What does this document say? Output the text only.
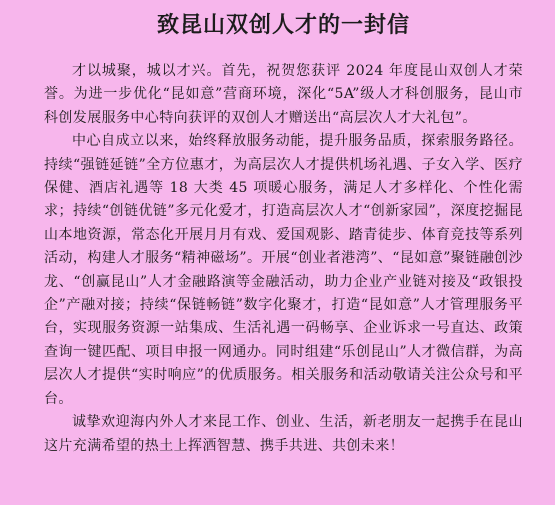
致昆山双创人才的一封信

才以城聚，城以才兴。首先，祝贺您获评 2024 年度昆山双创人才荣誉。为进一步优化“昆如意”营商环境，深化“5A”级人才科创服务，昆山市科创发展服务中心特向获评的双创人才赠送出“高层次人才大礼包”。

中心自成立以来，始终释放服务动能，提升服务品质，探索服务路径。持续“强链延链”全方位惠才，为高层次人才提供机场礼遇、子女入学、医疗保健、酒店礼遇等 18 大类 45 项暖心服务，满足人才多样化、个性化需求；持续“创链优链”多元化爱才，打造高层次人才“创新家园”，深度挖掘昆山本地资源，常态化开展月月有戏、爱国观影、踏青徒步、体育竞技等系列活动，构建人才服务“精神磁场”。开展“创业者港湾”、“昆如意”聚链融创沙龙、“创赢昆山”人才金融路演等金融活动，助力企业产业链对接及“政银投企”产融对接；持续“保链畅链”数字化聚才，打造“昆如意”人才管理服务平台，实现服务资源一站集成、生活礼遇一码畅享、企业诉求一号直达、政策查询一键匹配、项目申报一网通办。同时组建“乐创昆山”人才微信群，为高层次人才提供“实时响应”的优质服务。相关服务和活动敬请关注公众号和平台。

诚挚欢迎海内外人才来昆工作、创业、生活，新老朋友一起携手在昆山这片充满希望的热土上挥洒智慧、携手共进、共创未来！
